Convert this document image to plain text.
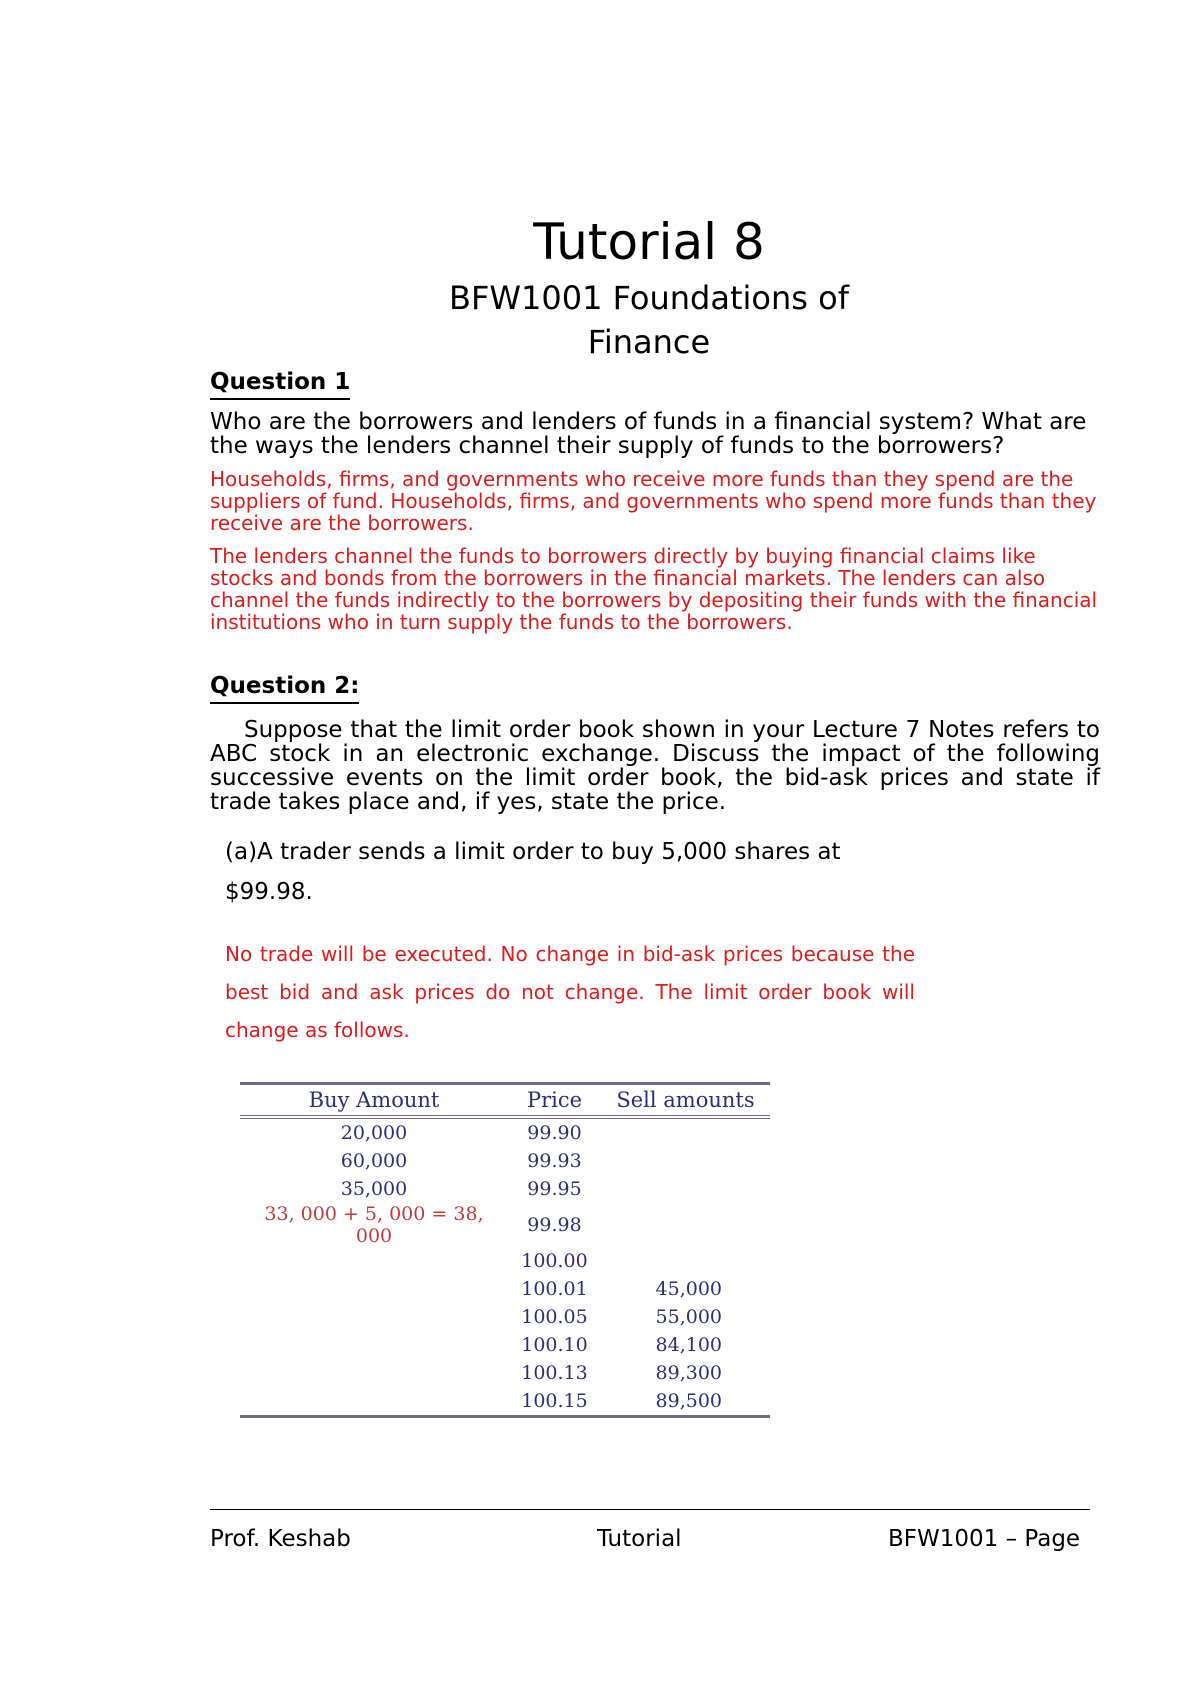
Tutorial 8
BFW1001 Foundations of
Finance
Question 1

Who are the borrowers and lenders of funds in a financial system? What are the ways the lenders channel their supply of funds to the borrowers?

Households, firms, and governments who receive more funds than they spend are the suppliers of fund. Households, firms, and governments who spend more funds than they receive are the borrowers.

The lenders channel the funds to borrowers directly by buying financial claims like stocks and bonds from the borrowers in the financial markets. The lenders can also channel the funds indirectly to the borrowers by depositing their funds with the financial institutions who in turn supply the funds to the borrowers.

Question 2:

Suppose that the limit order book shown in your Lecture 7 Notes refers to ABC stock in an electronic exchange. Discuss the impact of the following successive events on the limit order book, the bid-ask prices and state if trade takes place and, if yes, state the price.

(a)A trader sends a limit order to buy 5,000 shares at $99.98.

No trade will be executed. No change in bid-ask prices because the best bid and ask prices do not change. The limit order book will change as follows.

Buy Amount	Price	Sell amounts
20,000	99.90	
60,000	99.93	
35,000	99.95	
33, 000 + 5, 000 = 38, 000	99.98	
	100.00	
	100.01	45,000
	100.05	55,000
	100.10	84,100
	100.13	89,300
	100.15	89,500
Prof. Keshab	Tutorial	BFW1001 – Page
